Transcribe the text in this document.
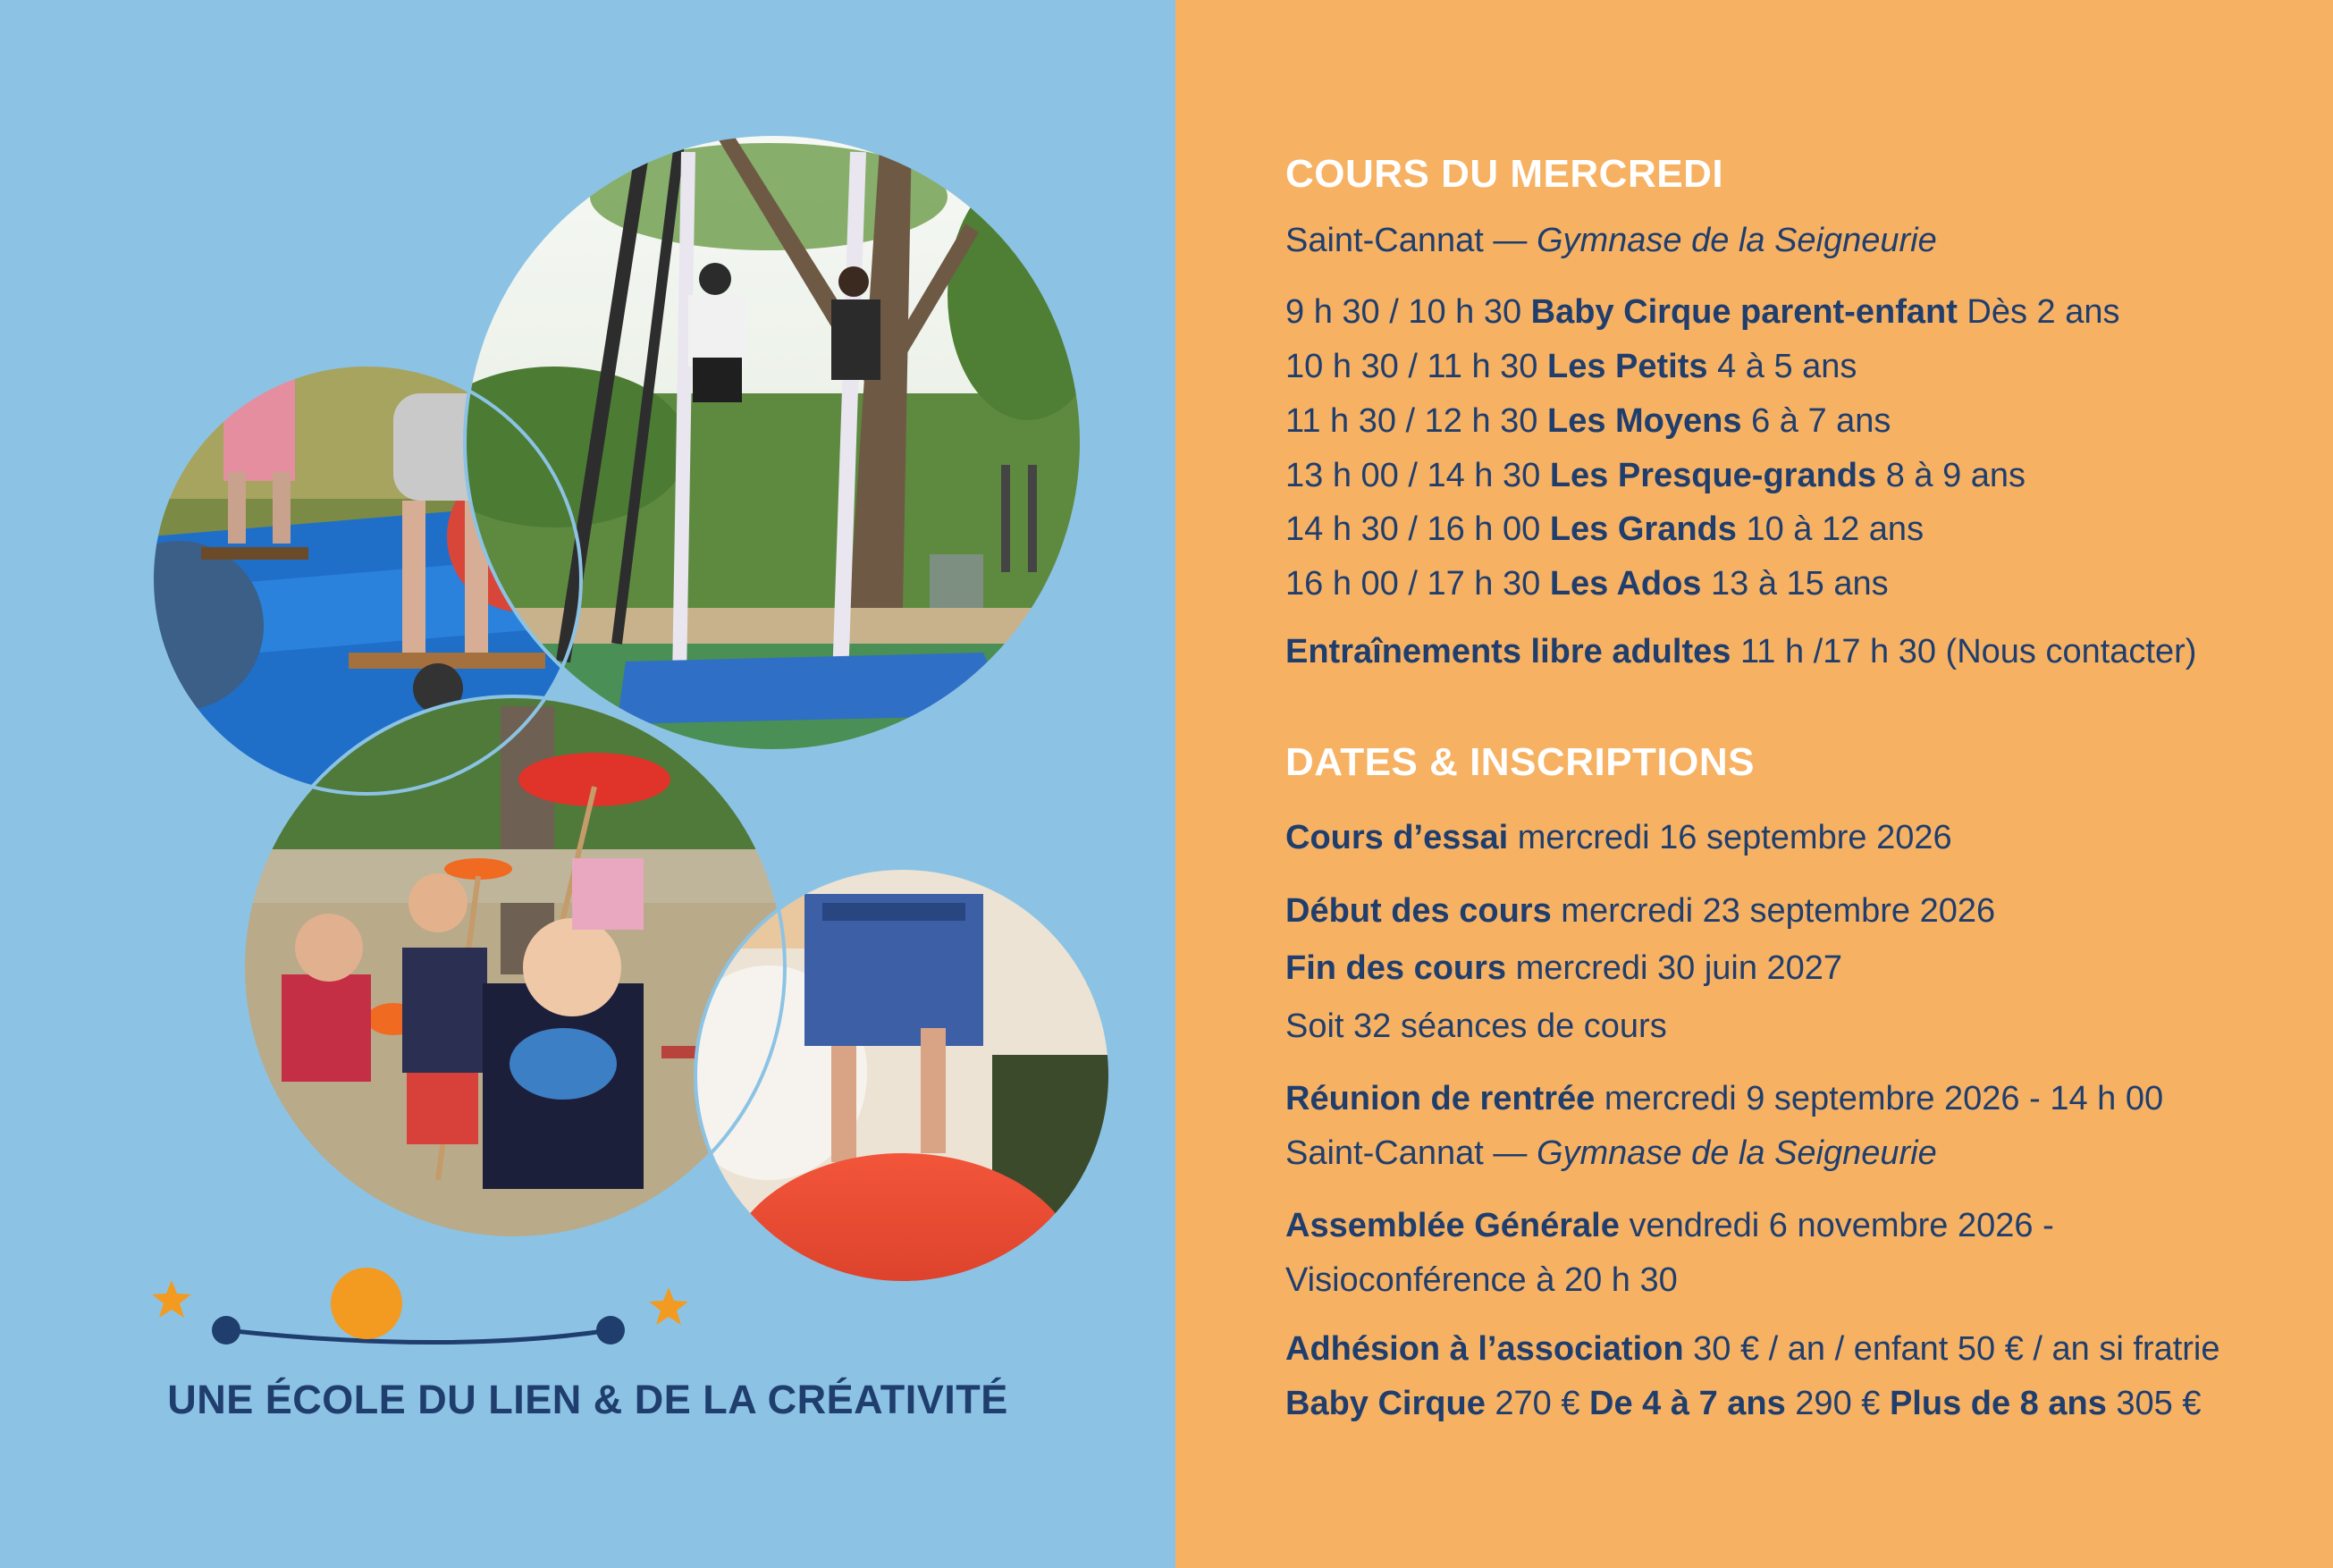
UNE ÉCOLE DU LIEN & DE LA CRÉATIVITÉ
COURS DU MERCREDI
Saint-Cannat — Gymnase de la Seigneurie
9 h 30 / 10 h 30 Baby Cirque parent-enfant Dès 2 ans
10 h 30 / 11 h 30 Les Petits 4 à 5 ans
11 h 30 / 12 h 30 Les Moyens 6 à 7 ans
13 h 00 / 14 h 30 Les Presque-grands 8 à 9 ans
14 h 30 / 16 h 00 Les Grands 10 à 12 ans
16 h 00 / 17 h 30 Les Ados 13 à 15 ans
Entraînements libre adultes 11 h /17 h 30 (Nous contacter)
DATES & INSCRIPTIONS
Cours d’essai mercredi 16 septembre 2026
Début des cours mercredi 23 septembre 2026
Fin des cours mercredi 30 juin 2027
Soit 32 séances de cours
Réunion de rentrée mercredi 9 septembre 2026 - 14 h 00
Saint-Cannat — Gymnase de la Seigneurie
Assemblée Générale vendredi 6 novembre 2026 -
Visioconférence à 20 h 30
Adhésion à l’association 30 € / an / enfant 50 € / an si fratrie
Baby Cirque 270 € De 4 à 7 ans 290 € Plus de 8 ans 305 €
